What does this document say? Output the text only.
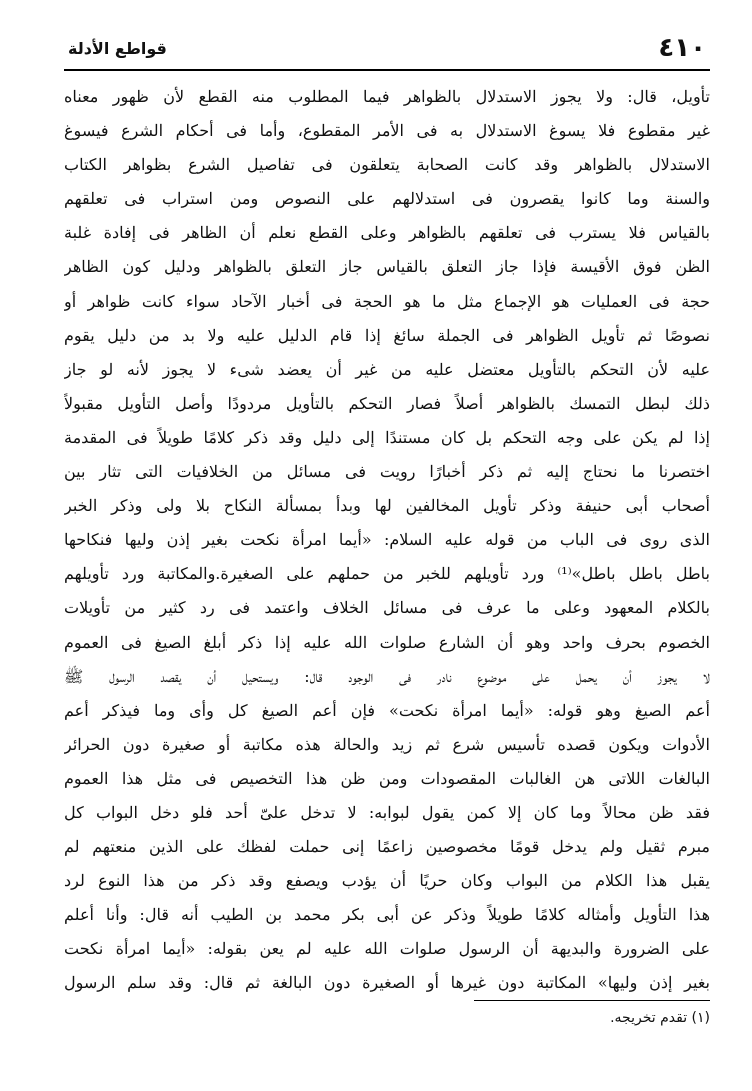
٤١٠
قواطع الأدلة
تأويل، قال: ولا يجوز الاستدلال بالظواهر فيما المطلوب منه القطع لأن ظهور معناه
غير مقطوع فلا يسوغ الاستدلال به فى الأمر المقطوع، وأما فى أحكام الشرع فيسوغ
الاستدلال بالظواهر وقد كانت الصحابة يتعلقون فى تفاصيل الشرع بظواهر الكتاب
والسنة وما كانوا يقصرون فى استدلالهم على النصوص ومن استراب فى تعلقهم
بالقياس فلا يسترب فى تعلقهم بالظواهر وعلى القطع نعلم أن الظاهر فى إفادة غلبة
الظن فوق الأقيسة فإذا جاز التعلق بالقياس جاز التعلق بالظواهر ودليل كون الظاهر
حجة فى العمليات هو الإجماع مثل ما هو الحجة فى أخبار الآحاد سواء كانت ظواهر أو
نصوصًا ثم تأويل الظواهر فى الجملة سائغ إذا قام الدليل عليه ولا بد من دليل يقوم
عليه لأن التحكم بالتأويل معتضل عليه من غير أن يعضد شىء لا يجوز لأنه لو جاز
ذلك لبطل التمسك بالظواهر أصلاً فصار التحكم بالتأويل مردودًا وأصل التأويل مقبولاً
إذا لم يكن على وجه التحكم بل كان مستندًا إلى دليل وقد ذكر كلامًا طويلاً فى المقدمة
اختصرنا ما نحتاج إليه ثم ذكر أخبارًا رويت فى مسائل من الخلافيات التى تثار بين
أصحاب أبى حنيفة وذكر تأويل المخالفين لها وبدأ بمسألة النكاح بلا ولى وذكر الخبر
الذى روى فى الباب من قوله عليه السلام: «أيما امرأة نكحت بغير إذن وليها فنكاحها
باطل باطل باطل»⁽¹⁾ ورد تأويلهم للخبر من حملهم على الصغيرة.والمكاتبة ورد تأويلهم
بالكلام المعهود وعلى ما عرف فى مسائل الخلاف واعتمد فى رد كثير من تأويلات
الخصوم بحرف واحد وهو أن الشارع صلوات الله عليه إذا ذكر أبلغ الصيغ فى العموم
لا يجوز أن يحمل على موضوع نادر فى الوجود قال: ويستحيل أن يقصد الرسول ﷺ
أعم الصيغ وهو قوله: «أيما امرأة نكحت» فإن أعم الصيغ كل وأى وما فيذكر أعم
الأدوات ويكون قصده تأسيس شرع ثم زيد والحالة هذه مكاتبة أو صغيرة دون الحرائر
البالغات اللاتى هن الغالبات المقصودات ومن ظن هذا التخصيص فى مثل هذا العموم
فقد ظن محالاً وما كان إلا كمن يقول لبوابه: لا تدخل علىّ أحد فلو دخل البواب كل
مبرم ثقيل ولم يدخل قومًا مخصوصين زاعمًا إنى حملت لفظك على الذين منعتهم لم
يقبل هذا الكلام من البواب وكان حريًا أن يؤدب ويصفع وقد ذكر من هذا النوع لرد
هذا التأويل وأمثاله كلامًا طويلاً وذكر عن أبى بكر محمد بن الطيب أنه قال: وأنا أعلم
على الضرورة والبديهة أن الرسول صلوات الله عليه لم يعن بقوله: «أيما امرأة نكحت
بغير إذن وليها» المكاتبة دون غيرها أو الصغيرة دون البالغة ثم قال: وقد سلم الرسول
(١) تقدم تخريجه.
